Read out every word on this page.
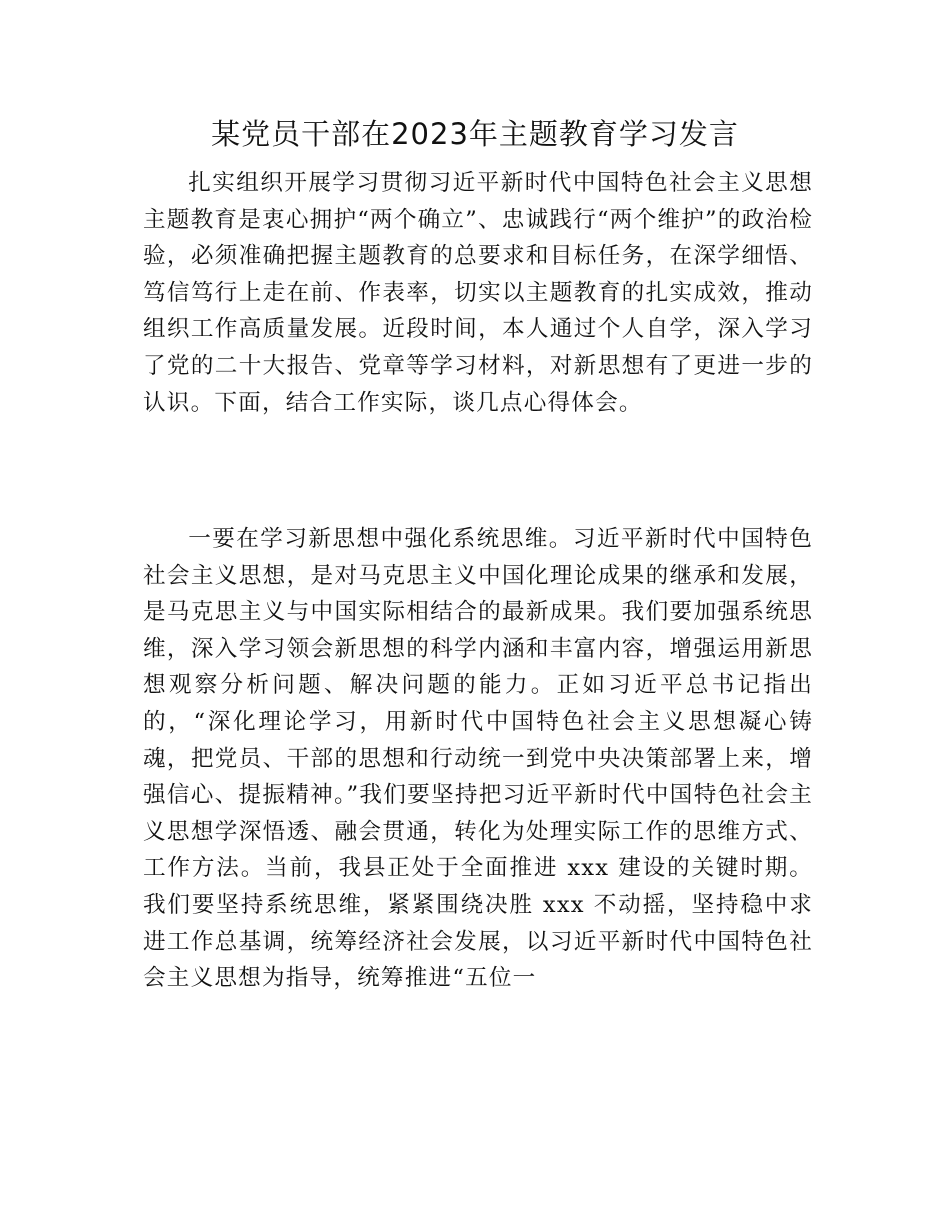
某党员干部在2023年主题教育学习发言

扎实组织开展学习贯彻习近平新时代中国特色社会主义思想主题教育是衷心拥护“两个确立”、忠诚践行“两个维护”的政治检验，必须准确把握主题教育的总要求和目标任务，在深学细悟、笃信笃行上走在前、作表率，切实以主题教育的扎实成效，推动组织工作高质量发展。近段时间，本人通过个人自学，深入学习了党的二十大报告、党章等学习材料，对新思想有了更进一步的认识。下面，结合工作实际，谈几点心得体会。

一要在学习新思想中强化系统思维。习近平新时代中国特色社会主义思想，是对马克思主义中国化理论成果的继承和发展，是马克思主义与中国实际相结合的最新成果。我们要加强系统思维，深入学习领会新思想的科学内涵和丰富内容，增强运用新思想观察分析问题、解决问题的能力。正如习近平总书记指出的，“深化理论学习，用新时代中国特色社会主义思想凝心铸魂，把党员、干部的思想和行动统一到党中央决策部署上来，增强信心、提振精神。”我们要坚持把习近平新时代中国特色社会主义思想学深悟透、融会贯通，转化为处理实际工作的思维方式、工作方法。当前，我县正处于全面推进 xxx 建设的关键时期。我们要坚持系统思维，紧紧围绕决胜 xxx 不动摇，坚持稳中求进工作总基调，统筹经济社会发展，以习近平新时代中国特色社会主义思想为指导，统筹推进“五位一
